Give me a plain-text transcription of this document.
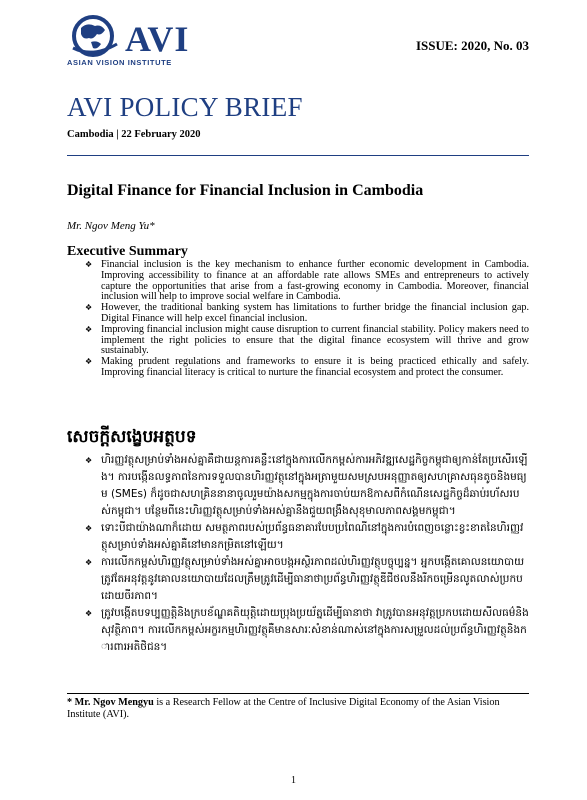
AVI
ASIAN VISION INSTITUTE
ISSUE: 2020, No. 03
AVI POLICY BRIEF
Cambodia | 22 February 2020
Digital Finance for Financial Inclusion in Cambodia
Mr. Ngov Meng Yu*
Executive Summary
❖ Financial inclusion is the key mechanism to enhance further economic development in Cambodia. Improving accessibility to finance at an affordable rate allows SMEs and entrepreneurs to actively capture the opportunities that arise from a fast-growing economy in Cambodia. Moreover, financial inclusion will help to improve social welfare in Cambodia.
❖ However, the traditional banking system has limitations to further bridge the financial inclusion gap. Digital Finance will help excel financial inclusion.
❖ Improving financial inclusion might cause disruption to current financial stability. Policy makers need to implement the right policies to ensure that the digital finance ecosystem will thrive and grow sustainably.
❖ Making prudent regulations and frameworks to ensure it is being practiced ethically and safely. Improving financial literacy is critical to nurture the financial ecosystem and protect the consumer.
សេចក្តីសង្ខេបអត្ថបទ
❖ ហិរញ្ញវត្ថុសម្រាប់ទាំងអស់គ្នាគឺជាយន្តការគន្លឹះនៅក្នុងការលើកកម្ពស់ការអភិវឌ្ឍសេដ្ឋកិច្ចកម្ពុជាឲ្យកាន់តែប្រសើរឡើង។ ការបង្កើនលទ្ធភាពនៃការទទួលបានហិរញ្ញវត្ថុនៅក្នុងអត្រាមួយសមស្របអនុញ្ញាតឲ្យសហគ្រាសធុនតូចនិងមធ្យម (SMEs) ក៏ដូចជាសហគ្រិននានាចូលរួមយ៉ាងសកម្មក្នុងការចាប់យកឱកាសពីកំណើនសេដ្ឋកិច្ចដ៏ឆាប់រហ័សរបស់កម្ពុជា។ បន្ថែមពីនេះហិរញ្ញវត្ថុសម្រាប់ទាំងអស់គ្នានឹងជួយពង្រឹងសុខុមាលភាពសង្គមកម្ពុជា។
❖ ទោះបីជាយ៉ាងណាក៏ដោយ សមត្ថភាពរបស់ប្រព័ន្ធធនាគារបែបប្រពៃណីនៅក្នុងការបំពេញចន្លោះខ្វះខាតនៃហិរញ្ញវត្ថុសម្រាប់ទាំងអស់គ្នាគឺនៅមានកម្រិតនៅឡើយ។
❖ ការលើកកម្ពស់ហិរញ្ញវត្ថុសម្រាប់ទាំងអស់គ្នាអាចបង្កអស្ថិរភាពដល់ហិរញ្ញវត្ថុបច្ចុប្បន្ន។ អ្នកបង្កើតគោលនយោបាយត្រូវតែអនុវត្តនូវគោលនយោបាយដែលត្រឹមត្រូវដើម្បីធានាថាប្រព័ន្ធហិរញ្ញវត្ថុឌីជីថលនឹងរីកចម្រើនលូតលាស់ប្រកបដោយចីរភាព។
❖ ត្រូវបង្កើតបទប្បញ្ញត្តិនិងក្របខ័ណ្ឌគតិយុត្តិដោយប្រុងប្រយ័ត្នដើម្បីធានាថា វាត្រូវបានអនុវត្តប្រកបដោយសីលធម៌និងសុវត្ថិភាព។ ការលើកកម្ពស់អក្ខរកម្មហិរញ្ញវត្ថុគឺមានសារៈសំខាន់ណាស់នៅក្នុងការសម្រួលដល់ប្រព័ន្ធហិរញ្ញវត្ថុនិងការពារអតិថិជន។
* Mr. Ngov Mengyu is a Research Fellow at the Centre of Inclusive Digital Economy of the Asian Vision Institute (AVI).
1
